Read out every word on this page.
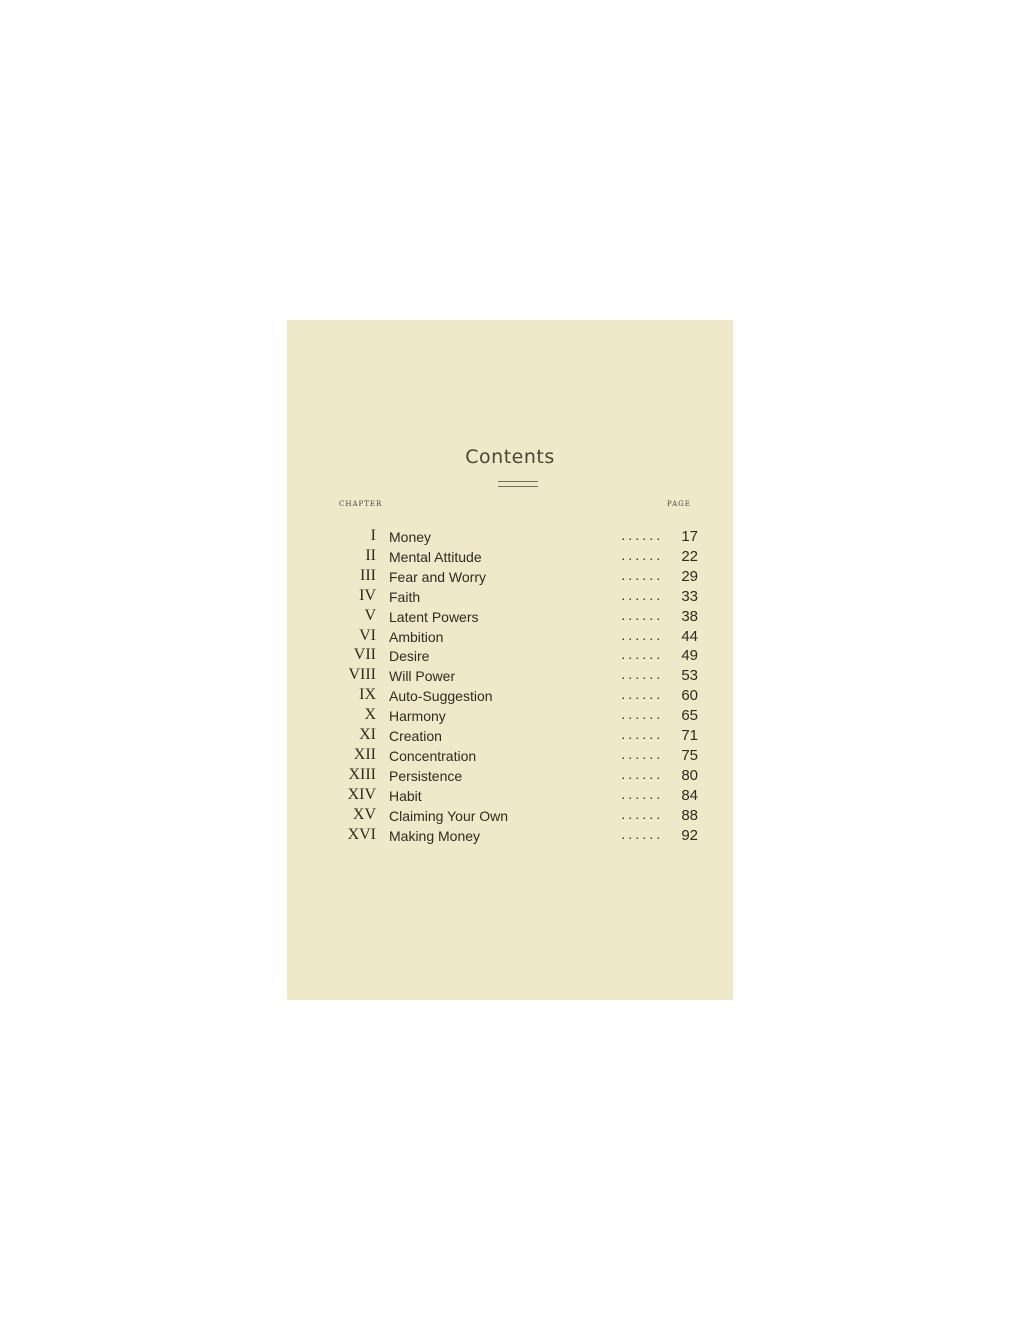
Contents
CHAPTER	PAGE
I Money	. . . . . . 17
II Mental Attitude	. . . . . . 22
III Fear and Worry	. . . . . . 29
IV Faith	. . . . . . 33
V Latent Powers	. . . . . . 38
VI Ambition	. . . . . . 44
VII Desire	. . . . . . 49
VIII Will Power	. . . . . . 53
IX Auto-Suggestion	. . . . . . 60
X Harmony	. . . . . . 65
XI Creation	. . . . . . 71
XII Concentration	. . . . . . 75
XIII Persistence	. . . . . . 80
XIV Habit	. . . . . . 84
XV Claiming Your Own	. . . . . . 88
XVI Making Money	. . . . . . 92
